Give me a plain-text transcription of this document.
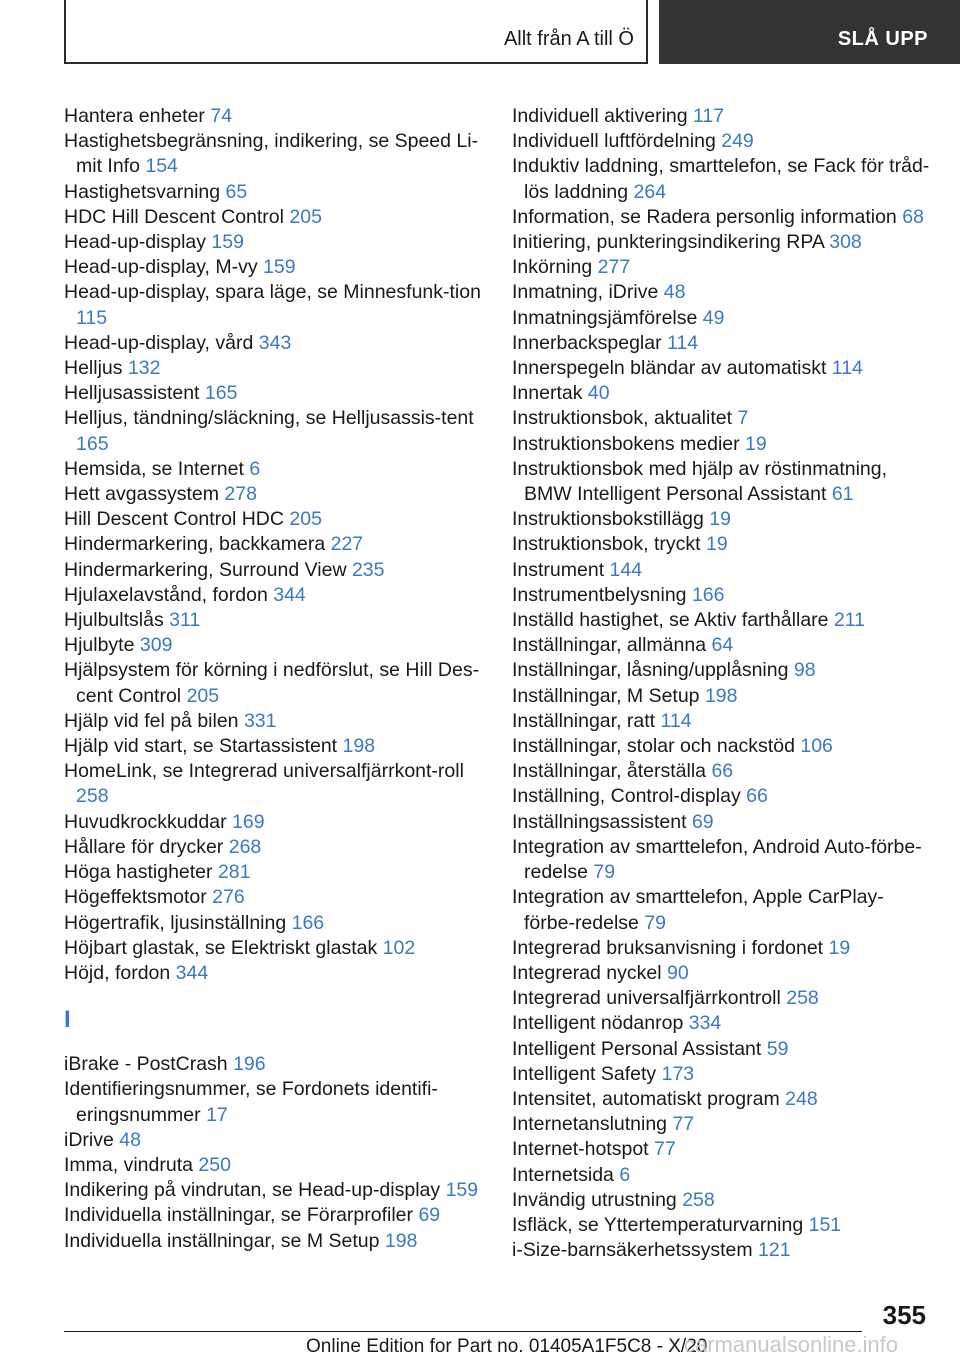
Allt från A till Ö	SLÅ UPP
Hantera enheter 74
Hastighetsbegränsning, indikering, se Speed Li-mit Info 154
Hastighetsvarning 65
HDC Hill Descent Control 205
Head-up-display 159
Head-up-display, M-vy 159
Head-up-display, spara läge, se Minnesfunk-tion 115
Head-up-display, vård 343
Helljus 132
Helljusassistent 165
Helljus, tändning/släckning, se Helljusassis-tent 165
Hemsida, se Internet 6
Hett avgassystem 278
Hill Descent Control HDC 205
Hindermarkering, backkamera 227
Hindermarkering, Surround View 235
Hjulaxelavstånd, fordon 344
Hjulbultslås 311
Hjulbyte 309
Hjälpsystem för körning i nedförslut, se Hill Des-cent Control 205
Hjälp vid fel på bilen 331
Hjälp vid start, se Startassistent 198
HomeLink, se Integrerad universalfjärrkont-roll 258
Huvudkrockkuddar 169
Hållare för drycker 268
Höga hastigheter 281
Högeffektsmotor 276
Högertrafik, ljusinställning 166
Höjbart glastak, se Elektriskt glastak 102
Höjd, fordon 344
I
iBrake - PostCrash 196
Identifieringsnummer, se Fordonets identifi-eringsnummer 17
iDrive 48
Imma, vindruta 250
Indikering på vindrutan, se Head-up-display 159
Individuella inställningar, se Förarprofiler 69
Individuella inställningar, se M Setup 198
Individuell aktivering 117
Individuell luftfördelning 249
Induktiv laddning, smarttelefon, se Fack för tråd-lös laddning 264
Information, se Radera personlig information 68
Initiering, punkteringsindikering RPA 308
Inkörning 277
Inmatning, iDrive 48
Inmatningsjämförelse 49
Innerbackspeglar 114
Innerspegeln bländar av automatiskt 114
Innertak 40
Instruktionsbok, aktualitet 7
Instruktionsbokens medier 19
Instruktionsbok med hjälp av röstinmatning, BMW Intelligent Personal Assistant 61
Instruktionsbokstillägg 19
Instruktionsbok, tryckt 19
Instrument 144
Instrumentbelysning 166
Inställd hastighet, se Aktiv farthållare 211
Inställningar, allmänna 64
Inställningar, låsning/upplåsning 98
Inställningar, M Setup 198
Inställningar, ratt 114
Inställningar, stolar och nackstöd 106
Inställningar, återställa 66
Inställning, Control-display 66
Inställningsassistent 69
Integration av smarttelefon, Android Auto-förbe-redelse 79
Integration av smarttelefon, Apple CarPlay-förbe-redelse 79
Integrerad bruksanvisning i fordonet 19
Integrerad nyckel 90
Integrerad universalfjärrkontroll 258
Intelligent nödanrop 334
Intelligent Personal Assistant 59
Intelligent Safety 173
Intensitet, automatiskt program 248
Internetanslutning 77
Internet-hotspot 77
Internetsida 6
Invändig utrustning 258
Isfläck, se Yttertemperaturvarning 151
i-Size-barnsäkerhetssystem 121
355
Online Edition for Part no. 01405A1F5C8 - X/20
carmanualsonline.info
